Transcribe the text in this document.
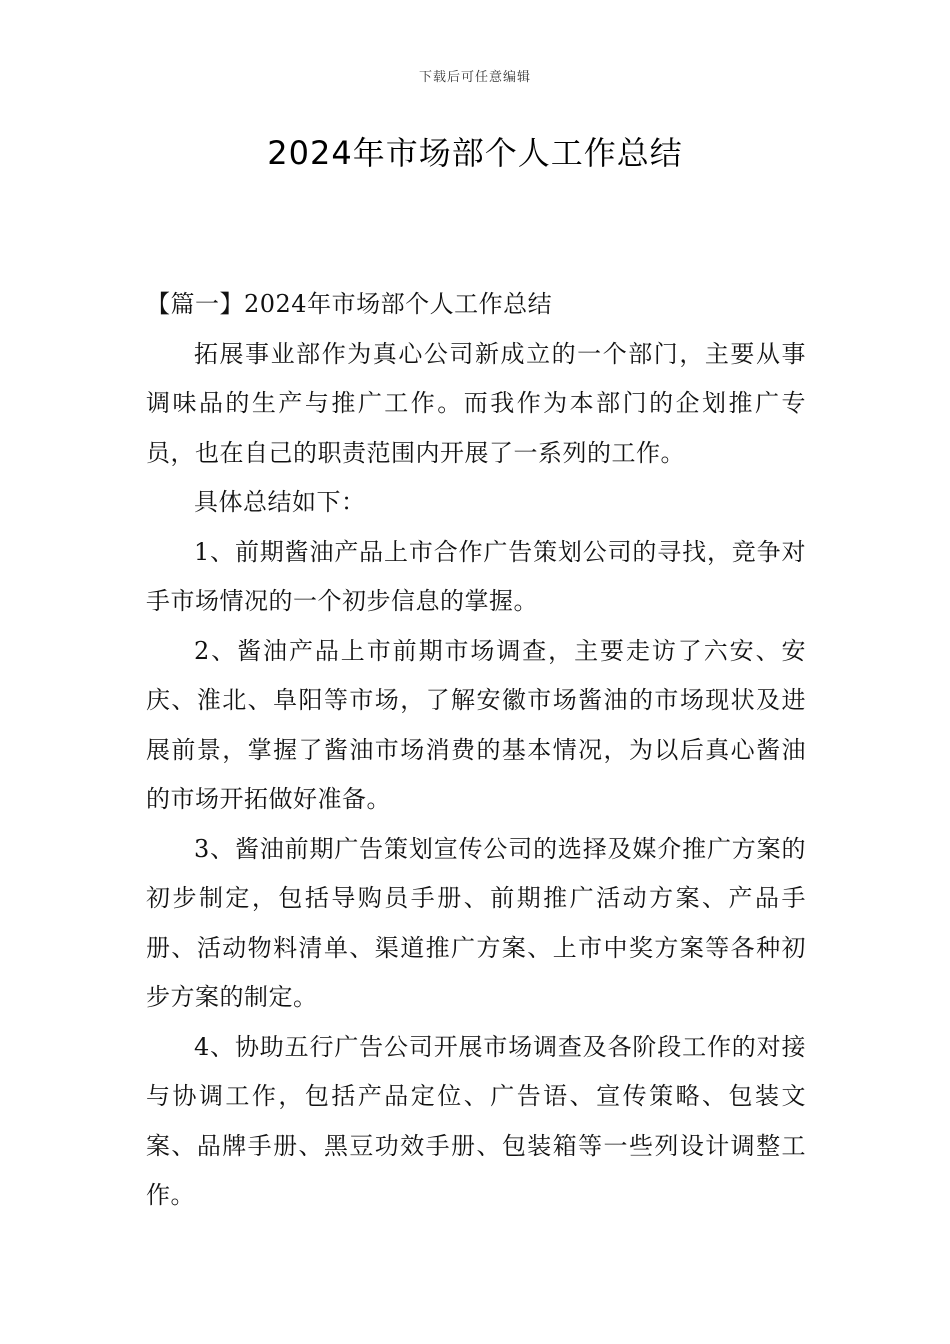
下载后可任意编辑
2024年市场部个人工作总结

【篇一】2024年市场部个人工作总结

拓展事业部作为真心公司新成立的一个部门，主要从事调味品的生产与推广工作。而我作为本部门的企划推广专员，也在自己的职责范围内开展了一系列的工作。

具体总结如下：

1、前期酱油产品上市合作广告策划公司的寻找，竞争对手市场情况的一个初步信息的掌握。

2、酱油产品上市前期市场调查，主要走访了六安、安庆、淮北、阜阳等市场，了解安徽市场酱油的市场现状及进展前景，掌握了酱油市场消费的基本情况，为以后真心酱油的市场开拓做好准备。

3、酱油前期广告策划宣传公司的选择及媒介推广方案的初步制定，包括导购员手册、前期推广活动方案、产品手册、活动物料清单、渠道推广方案、上市中奖方案等各种初步方案的制定。

4、协助五行广告公司开展市场调查及各阶段工作的对接与协调工作，包括产品定位、广告语、宣传策略、包装文案、品牌手册、黑豆功效手册、包装箱等一些列设计调整工作。
